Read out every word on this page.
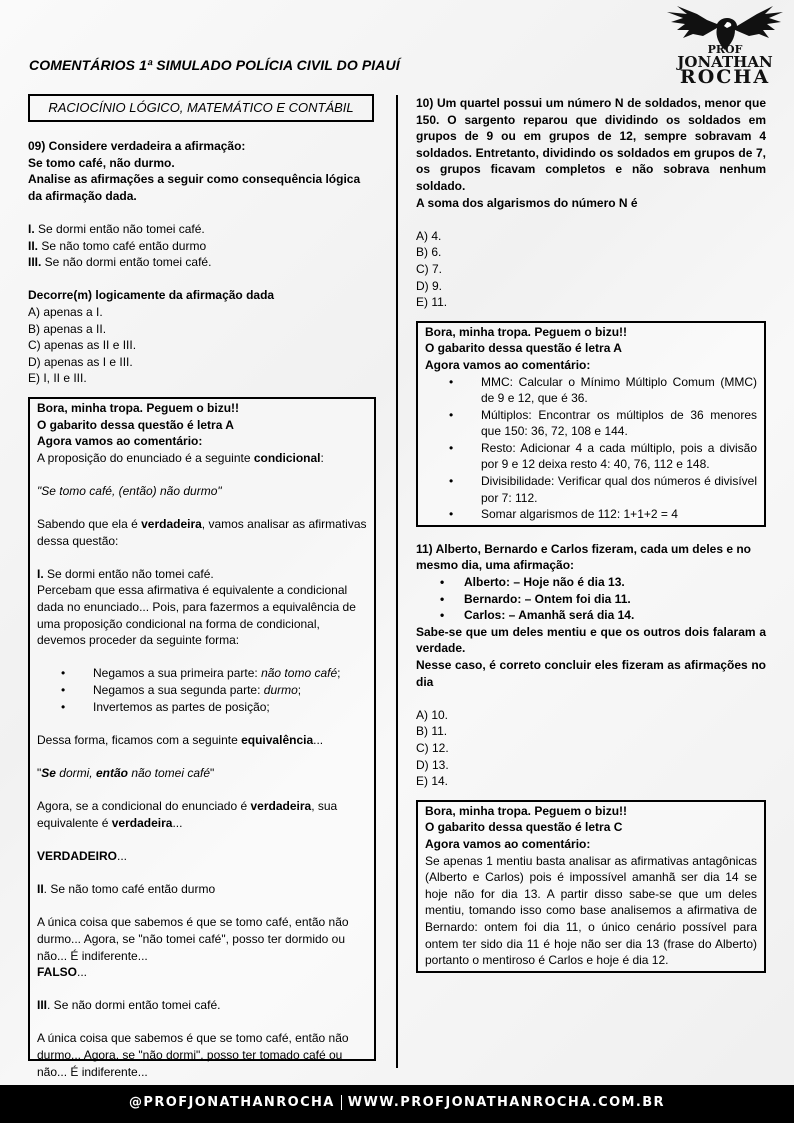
COMENTÁRIOS 1ª SIMULADO POLÍCIA CIVIL DO PIAUÍ
PROF
JONATHAN
ROCHA
RACIOCÍNIO LÓGICO, MATEMÁTICO E CONTÁBIL
09) Considere verdadeira a afirmação:
Se tomo café, não durmo.
Analise as afirmações a seguir como consequência lógica da afirmação dada.
I. Se dormi então não tomei café.
II. Se não tomo café então durmo
III. Se não dormi então tomei café.
Decorre(m) logicamente da afirmação dada
A) apenas a I.
B) apenas a II.
C) apenas as II e III.
D) apenas as I e III.
E) I, II e III.
Bora, minha tropa. Peguem o bizu!!
O gabarito dessa questão é letra A
Agora vamos ao comentário:
A proposição do enunciado é a seguinte condicional:
"Se tomo café, (então) não durmo"
Sabendo que ela é verdadeira, vamos analisar as afirmativas dessa questão:
I. Se dormi então não tomei café.
Percebam que essa afirmativa é equivalente a condicional dada no enunciado... Pois, para fazermos a equivalência de uma proposição condicional na forma de condicional, devemos proceder da seguinte forma:
• Negamos a sua primeira parte: não tomo café;
• Negamos a sua segunda parte: durmo;
• Invertemos as partes de posição;
Dessa forma, ficamos com a seguinte equivalência...
"Se dormi, então não tomei café"
Agora, se a condicional do enunciado é verdadeira, sua equivalente é verdadeira...
VERDADEIRO...
II. Se não tomo café então durmo
A única coisa que sabemos é que se tomo café, então não durmo... Agora, se "não tomei café", posso ter dormido ou não... É indiferente...
FALSO...
III. Se não dormi então tomei café.
A única coisa que sabemos é que se tomo café, então não durmo... Agora, se "não dormi", posso ter tomado café ou não... É indiferente...
10) Um quartel possui um número N de soldados, menor que 150. O sargento reparou que dividindo os soldados em grupos de 9 ou em grupos de 12, sempre sobravam 4 soldados. Entretanto, dividindo os soldados em grupos de 7, os grupos ficavam completos e não sobrava nenhum soldado.
A soma dos algarismos do número N é
A) 4.
B) 6.
C) 7.
D) 9.
E) 11.
Bora, minha tropa. Peguem o bizu!!
O gabarito dessa questão é letra A
Agora vamos ao comentário:
• MMC: Calcular o Mínimo Múltiplo Comum (MMC) de 9 e 12, que é 36.
• Múltiplos: Encontrar os múltiplos de 36 menores que 150: 36, 72, 108 e 144.
• Resto: Adicionar 4 a cada múltiplo, pois a divisão por 9 e 12 deixa resto 4: 40, 76, 112 e 148.
• Divisibilidade: Verificar qual dos números é divisível por 7: 112.
• Somar algarismos de 112: 1+1+2 = 4
11) Alberto, Bernardo e Carlos fizeram, cada um deles e no mesmo dia, uma afirmação:
• Alberto: – Hoje não é dia 13.
• Bernardo: – Ontem foi dia 11.
• Carlos: – Amanhã será dia 14.
Sabe-se que um deles mentiu e que os outros dois falaram a verdade.
Nesse caso, é correto concluir eles fizeram as afirmações no dia
A) 10.
B) 11.
C) 12.
D) 13.
E) 14.
Bora, minha tropa. Peguem o bizu!!
O gabarito dessa questão é letra C
Agora vamos ao comentário:
Se apenas 1 mentiu basta analisar as afirmativas antagônicas (Alberto e Carlos) pois é impossível amanhã ser dia 14 se hoje não for dia 13. A partir disso sabe-se que um deles mentiu, tomando isso como base analisemos a afirmativa de Bernardo: ontem foi dia 11, o único cenário possível para ontem ter sido dia 11 é hoje não ser dia 13 (frase do Alberto) portanto o mentiroso é Carlos e hoje é dia 12.
@PROFJONATHANROCHA WWW.PROFJONATHANROCHA.COM.BR
